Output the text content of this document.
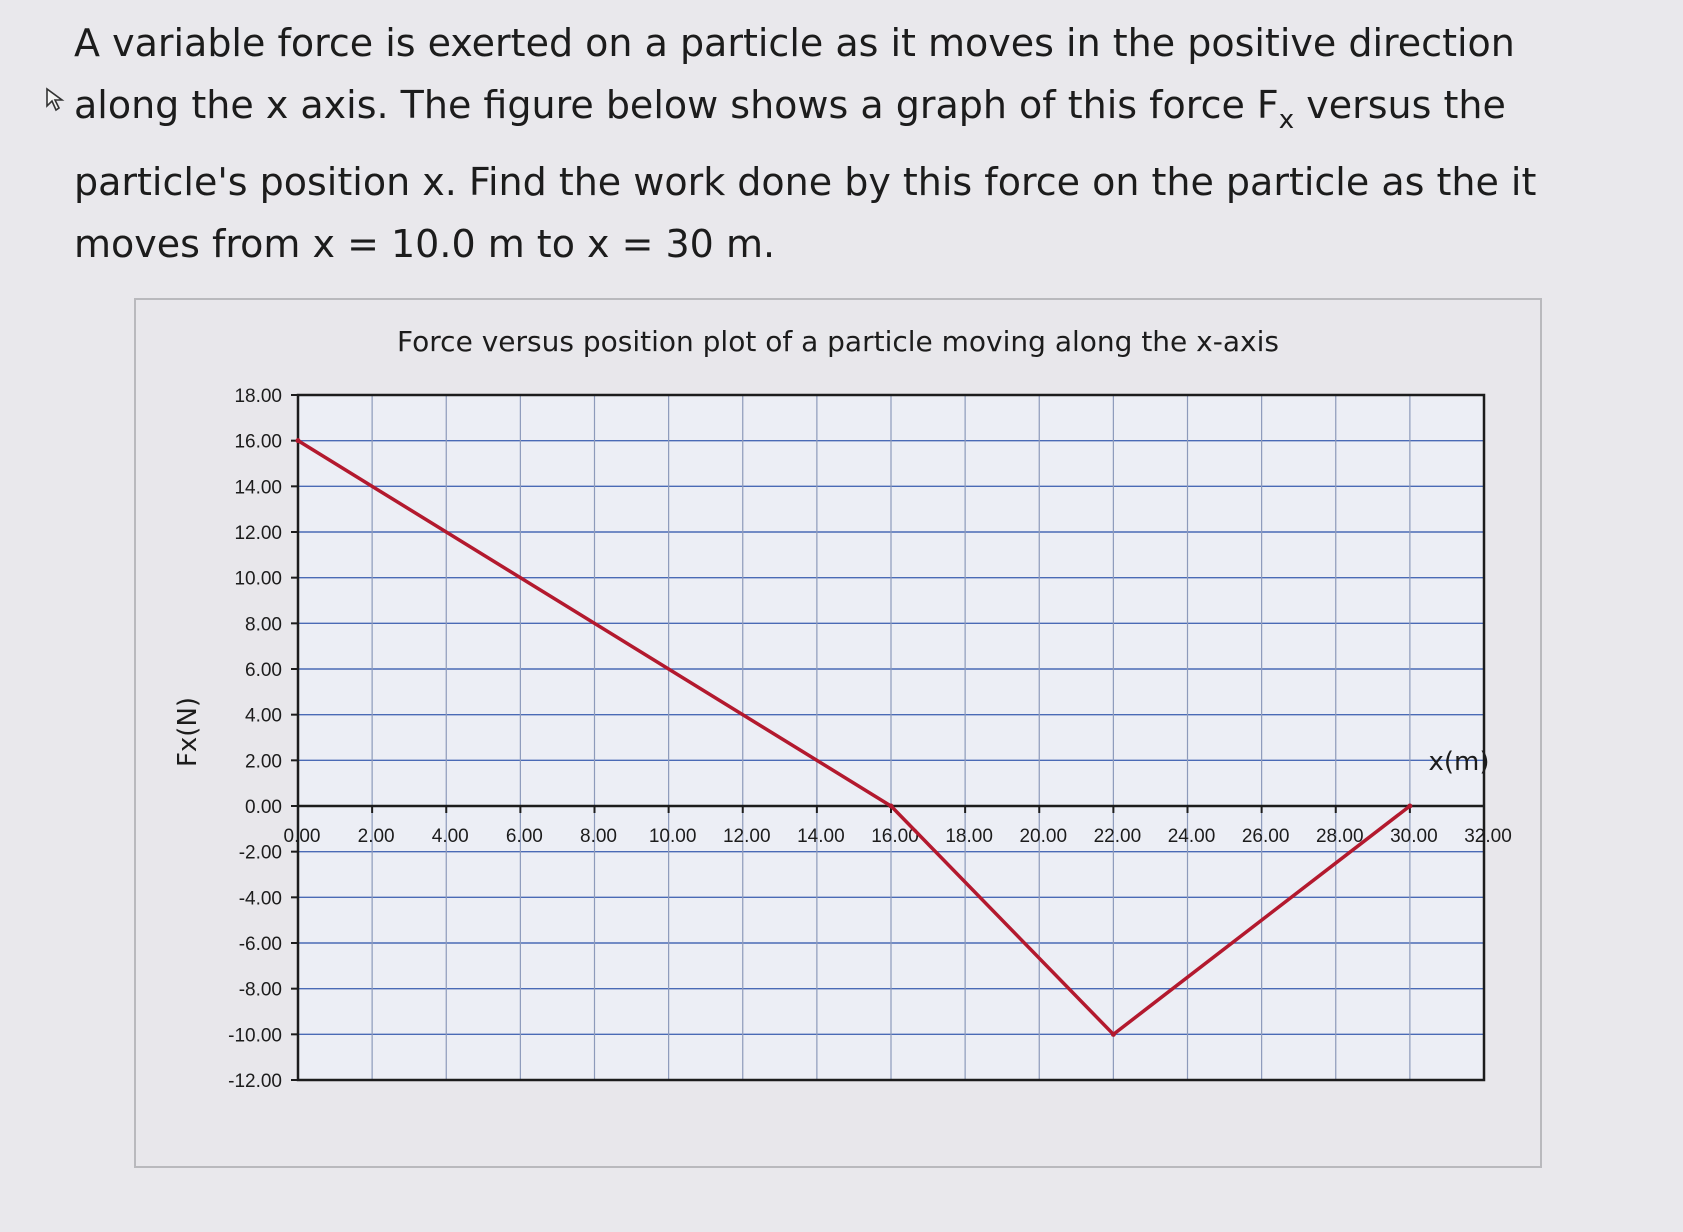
A variable force is exerted on a particle as it moves in the positive direction along the x axis. The figure below shows a graph of this force $F_x$ versus the particle's position x. Find the work done by this force on the particle as the it moves from x = 10.0 m to x = 30 m.

Force versus position plot of a particle moving along the x-axis
18.00
16.00
14.00
12.00
10.00
8.00
6.00
4.00
2.00
0.00
-2.00
-4.00
-6.00
-8.00
-10.00
-12.00
0.00 2.00 4.00 6.00 8.00 10.00 12.00 14.00 16.00 18.00 20.00 22.00 24.00 26.00 28.00 30.00 32.00
Fx(N)	x(m)
